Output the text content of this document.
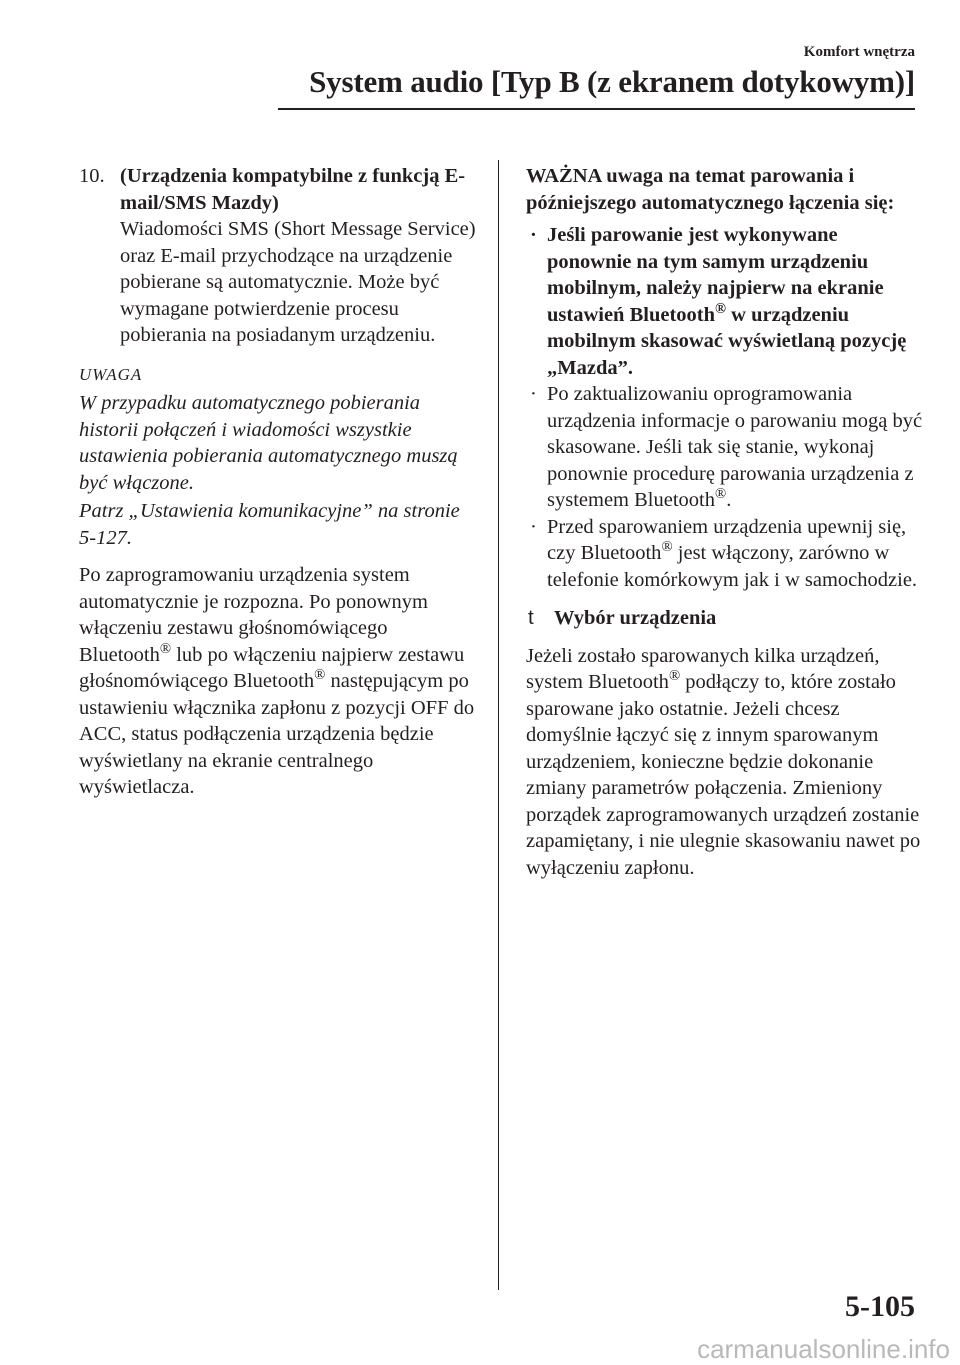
Komfort wnętrza
System audio [Typ B (z ekranem dotykowym)]
10. (Urządzenia kompatybilne z funkcją E-mail/SMS Mazdy)

Wiadomości SMS (Short Message Service) oraz E-mail przychodzące na urządzenie pobierane są automatycznie. Może być wymagane potwierdzenie procesu pobierania na posiadanym urządzeniu.

UWAGA

W przypadku automatycznego pobierania historii połączeń i wiadomości wszystkie ustawienia pobierania automatycznego muszą być włączone.

Patrz „Ustawienia komunikacyjne” na stronie 5-127.

Po zaprogramowaniu urządzenia system automatycznie je rozpozna. Po ponownym włączeniu zestawu głośnomówiącego Bluetooth® lub po włączeniu najpierw zestawu głośnomówiącego Bluetooth® następującym po ustawieniu włącznika zapłonu z pozycji OFF do ACC, status podłączenia urządzenia będzie wyświetlany na ekranie centralnego wyświetlacza.

WAŻNA uwaga na temat parowania i późniejszego automatycznego łączenia się:

· Jeśli parowanie jest wykonywane ponownie na tym samym urządzeniu mobilnym, należy najpierw na ekranie ustawień Bluetooth® w urządzeniu mobilnym skasować wyświetlaną pozycję „Mazda”.
· Po zaktualizowaniu oprogramowania urządzenia informacje o parowaniu mogą być skasowane. Jeśli tak się stanie, wykonaj ponownie procedurę parowania urządzenia z systemem Bluetooth®.
· Przed sparowaniem urządzenia upewnij się, czy Bluetooth® jest włączony, zarówno w telefonie komórkowym jak i w samochodzie.

t Wybór urządzenia

Jeżeli zostało sparowanych kilka urządzeń, system Bluetooth® podłączy to, które zostało sparowane jako ostatnie. Jeżeli chcesz domyślnie łączyć się z innym sparowanym urządzeniem, konieczne będzie dokonanie zmiany parametrów połączenia. Zmieniony porządek zaprogramowanych urządzeń zostanie zapamiętany, i nie ulegnie skasowaniu nawet po wyłączeniu zapłonu.

5-105
carmanualsonline.info
